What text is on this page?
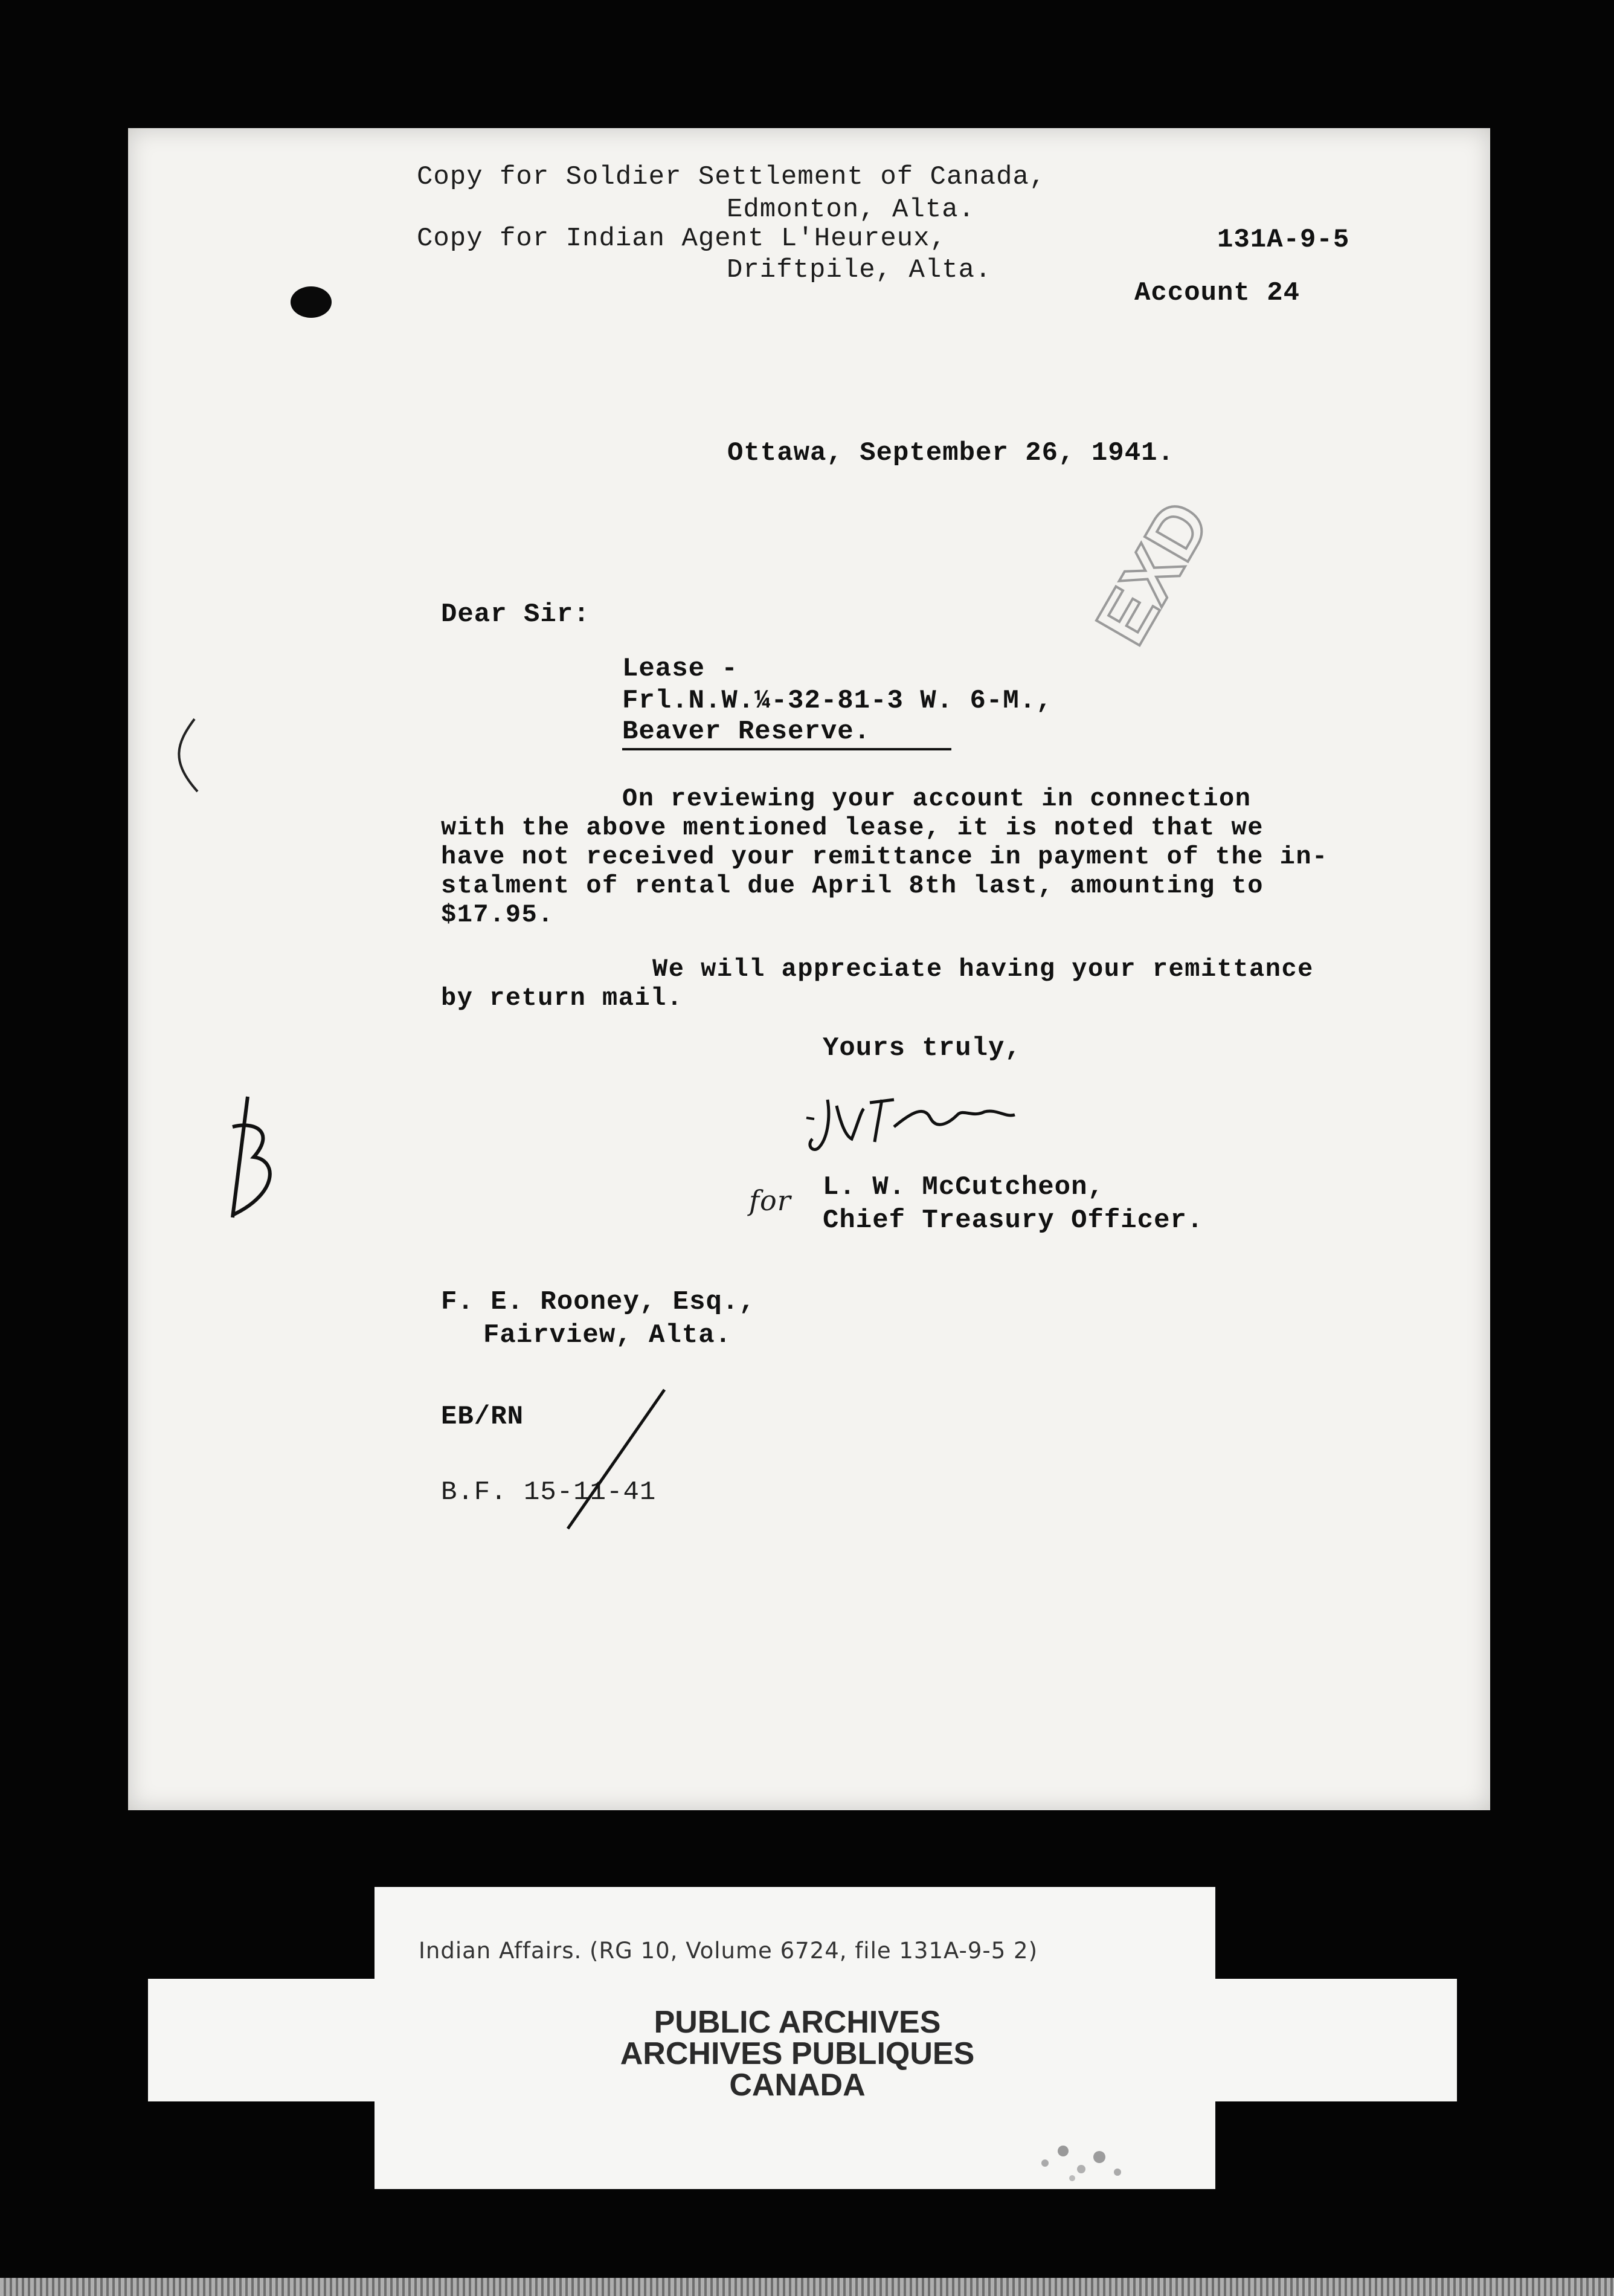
Copy for Soldier Settlement of Canada,
Edmonton, Alta.
Copy for Indian Agent L'Heureux,
Driftpile, Alta.
131A-9-5
Account 24
Ottawa, September 26, 1941.
EXD
Dear Sir:
Lease -
Frl.N.W.¼-32-81-3 W. 6-M.,
Beaver Reserve.
On reviewing your account in connection
with the above mentioned lease, it is noted that we
have not received your remittance in payment of the in-
stalment of rental due April 8th last, amounting to
$17.95.
We will appreciate having your remittance
by return mail.
Yours truly,
for L. W. McCutcheon,
Chief Treasury Officer.
F. E. Rooney, Esq.,
Fairview, Alta.
EB/RN
B.F. 15-11-41
Indian Affairs. (RG 10, Volume 6724, file 131A-9-5 2)
PUBLIC ARCHIVES
ARCHIVES PUBLIQUES
CANADA
